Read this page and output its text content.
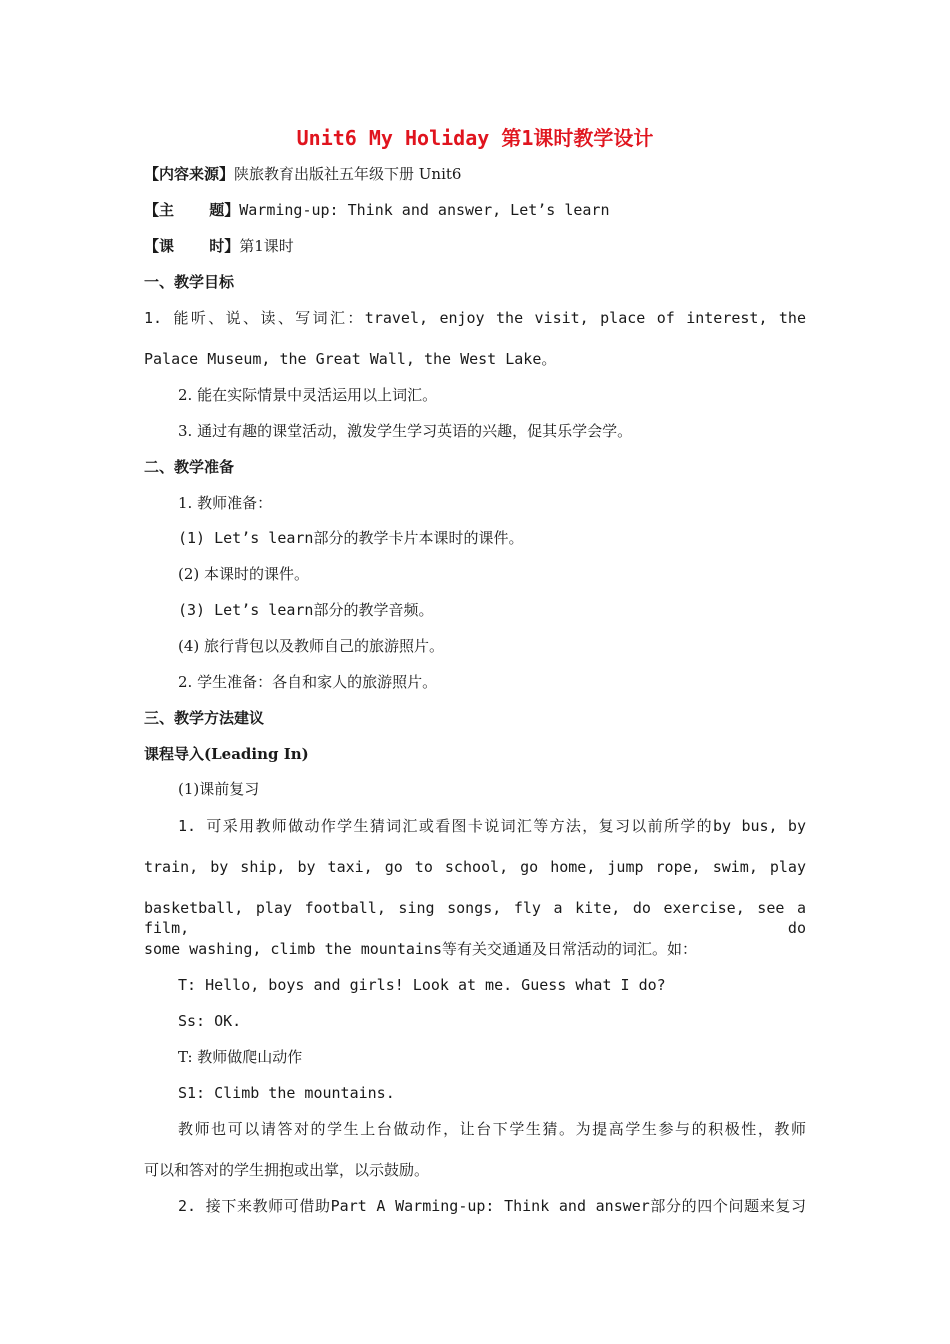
Unit6 My Holiday 第1课时教学设计
【内容来源】陕旅教育出版社五年级下册 Unit6
【主 题】Warming-up: Think and answer, Let’s learn
【课 时】第1课时
一、教学目标
1. 能听、说、读、写词汇：travel, enjoy the visit, place of interest, the
Palace Museum, the Great Wall, the West Lake。
2. 能在实际情景中灵活运用以上词汇。
3. 通过有趣的课堂活动，激发学生学习英语的兴趣，促其乐学会学。
二、教学准备
1. 教师准备：
(1) Let’s learn部分的教学卡片本课时的课件。
(2) 本课时的课件。
(3) Let’s learn部分的教学音频。
(4) 旅行背包以及教师自己的旅游照片。
2. 学生准备：各自和家人的旅游照片。
三、教学方法建议
课程导入(Leading In)
(1)课前复习
1. 可采用教师做动作学生猜词汇或看图卡说词汇等方法，复习以前所学的by bus, by
train, by ship, by taxi, go to school, go home, jump rope, swim, play
basketball, play football, sing songs, fly a kite, do exercise, see a film, do
some washing, climb the mountains等有关交通通及日常活动的词汇。如：
T: Hello, boys and girls! Look at me. Guess what I do?
Ss: OK.
T: 教师做爬山动作
S1: Climb the mountains.
教师也可以请答对的学生上台做动作，让台下学生猜。为提高学生参与的积极性，教师
可以和答对的学生拥抱或出掌，以示鼓励。
2. 接下来教师可借助Part A Warming-up: Think and answer部分的四个问题来复习
